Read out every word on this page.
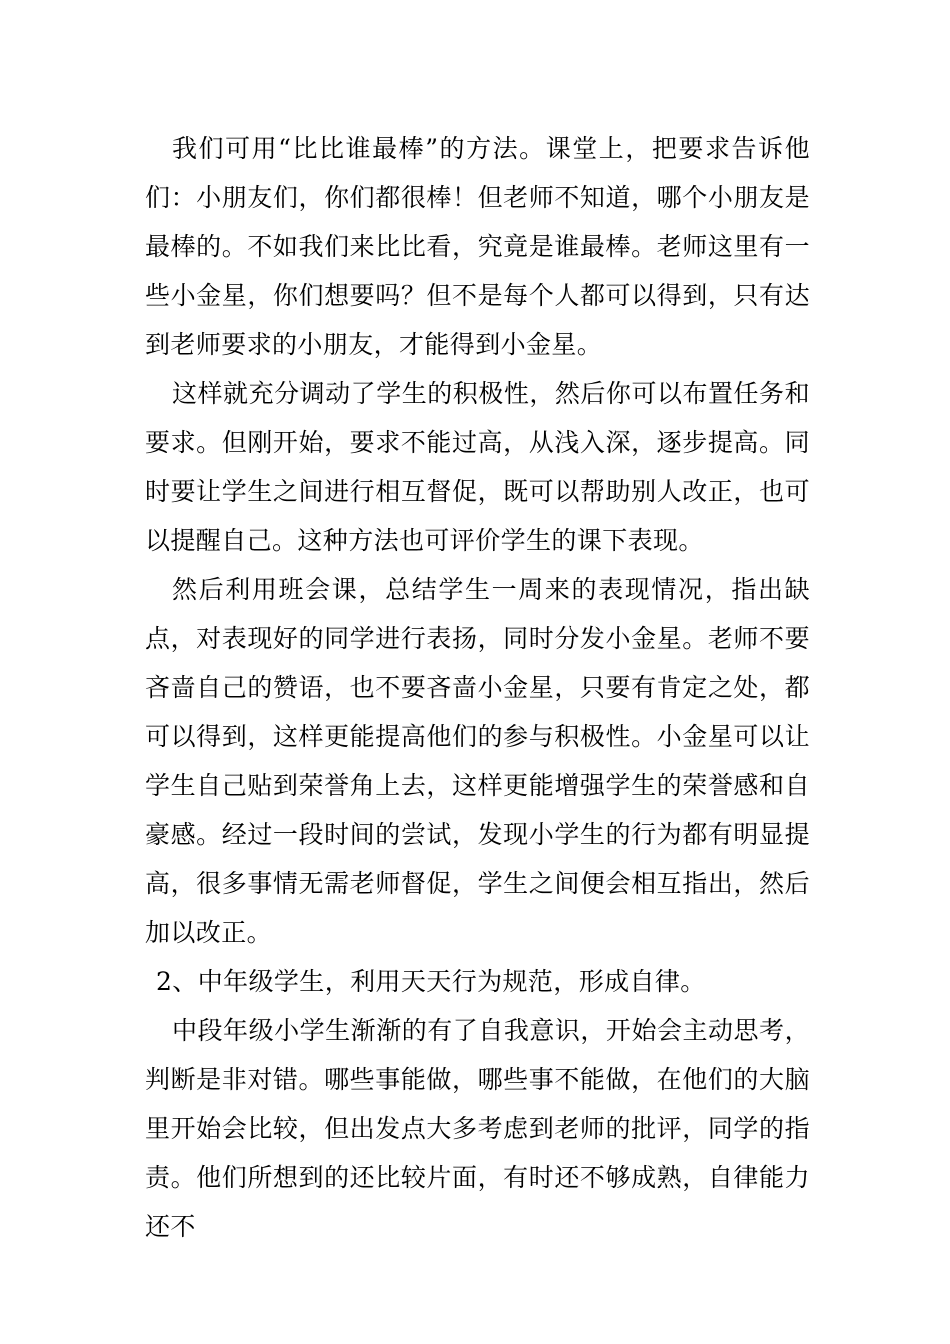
我们可用“比比谁最棒”的方法。课堂上，把要求告诉他们：小朋友们，你们都很棒！但老师不知道，哪个小朋友是最棒的。不如我们来比比看，究竟是谁最棒。老师这里有一些小金星，你们想要吗？但不是每个人都可以得到，只有达到老师要求的小朋友，才能得到小金星。

这样就充分调动了学生的积极性，然后你可以布置任务和要求。但刚开始，要求不能过高，从浅入深，逐步提高。同时要让学生之间进行相互督促，既可以帮助别人改正，也可以提醒自己。这种方法也可评价学生的课下表现。

然后利用班会课，总结学生一周来的表现情况，指出缺点，对表现好的同学进行表扬，同时分发小金星。老师不要吝啬自己的赞语，也不要吝啬小金星，只要有肯定之处，都可以得到，这样更能提高他们的参与积极性。小金星可以让学生自己贴到荣誉角上去，这样更能增强学生的荣誉感和自豪感。经过一段时间的尝试，发现小学生的行为都有明显提高，很多事情无需老师督促，学生之间便会相互指出，然后加以改正。

2、中年级学生，利用天天行为规范，形成自律。

中段年级小学生渐渐的有了自我意识，开始会主动思考，判断是非对错。哪些事能做，哪些事不能做，在他们的大脑里开始会比较，但出发点大多考虑到老师的批评，同学的指责。他们所想到的还比较片面，有时还不够成熟，自律能力还不
